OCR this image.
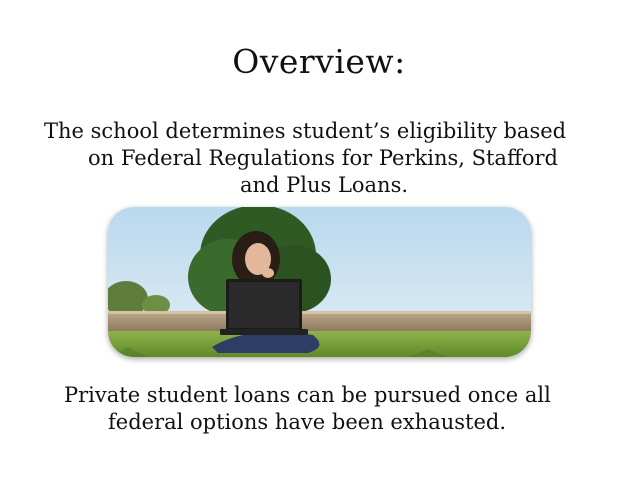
Overview:
The school determines student’s eligibility based
on Federal Regulations for Perkins, Stafford
and Plus Loans.
Private student loans can be pursued once all
federal options have been exhausted.
